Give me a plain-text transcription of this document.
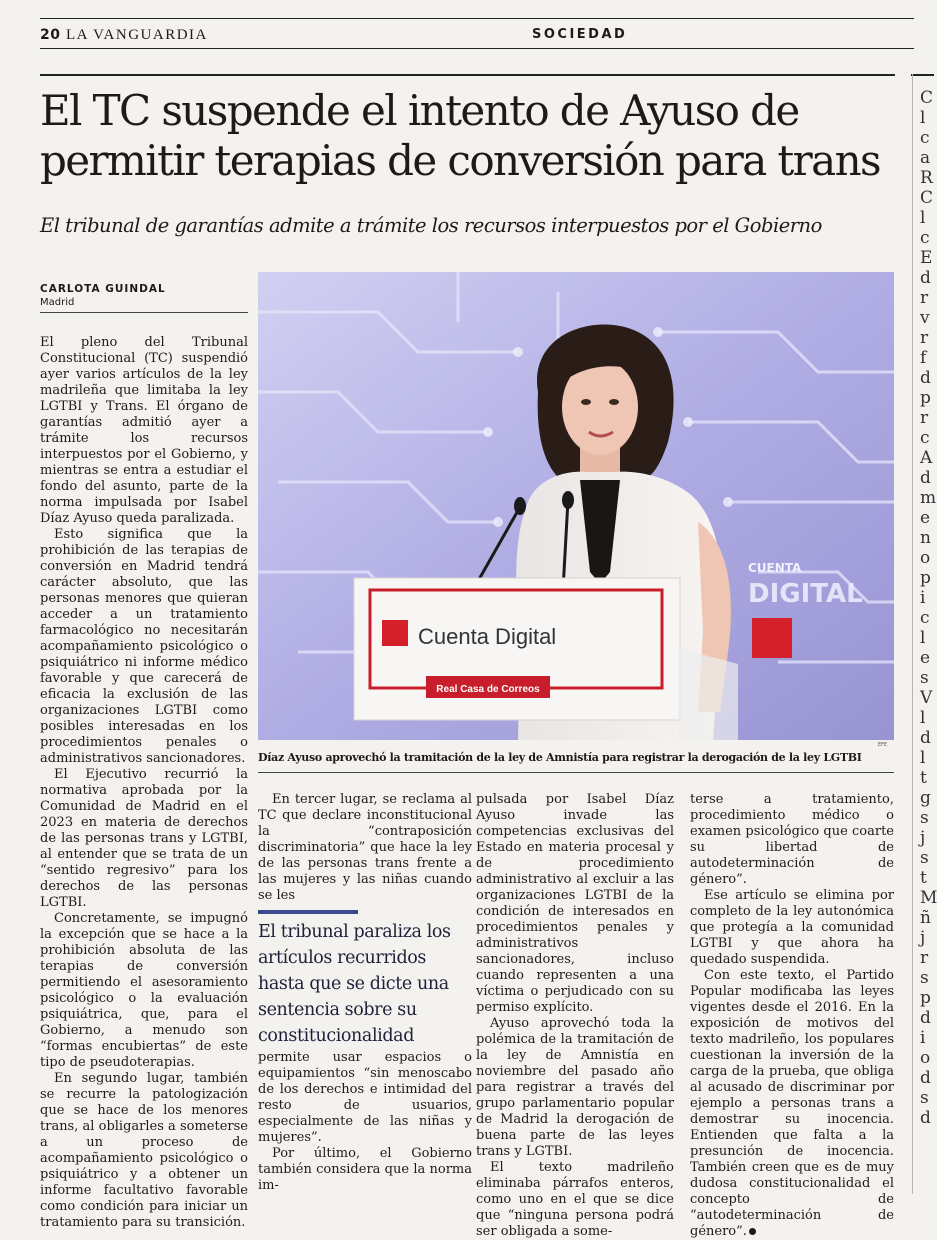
20 LA VANGUARDIA	SOCIEDAD
El TC suspende el intento de Ayuso de
permitir terapias de conversión para trans

El tribunal de garantías admite a trámite los recursos interpuestos por el Gobierno

C l c a R C l c E d r v r f d p r c A d m e n o p i c l e s V l d l t g s j s t M ñ j r s p d i o d s d
CARLOTA GUINDAL
Madrid

El pleno del Tribunal Constitucional (TC) suspendió ayer varios artículos de la ley madrileña que limitaba la ley LGTBI y Trans. El órgano de garantías admitió ayer a trámite los recursos interpuestos por el Gobierno, y mientras se entra a estudiar el fondo del asunto, parte de la norma impulsada por Isabel Díaz Ayuso queda paralizada.

Esto significa que la prohibición de las terapias de conversión en Madrid tendrá carácter absoluto, que las personas menores que quieran acceder a un tratamiento farmacológico no necesitarán acompañamiento psicológico o psiquiátrico ni informe médico favorable y que carecerá de eficacia la exclusión de las organizaciones LGTBI como posibles interesadas en los procedimientos penales o administrativos sancionadores.

El Ejecutivo recurrió la normativa aprobada por la Comunidad de Madrid en el 2023 en materia de derechos de las personas trans y LGTBI, al entender que se trata de un “sentido regresivo” para los derechos de las personas LGTBI.

Concretamente, se impugnó la excepción que se hace a la prohibición absoluta de las terapias de conversión permitiendo el asesoramiento psicológico o la evaluación psiquiátrica, que, para el Gobierno, a menudo son “formas encubiertas” de este tipo de pseudoterapias.

En segundo lugar, también se recurre la patologización que se hace de los menores trans, al obligarles a someterse a un proceso de acompañamiento psicológico o psiquiátrico y a obtener un informe facultativo favorable como condición para iniciar un tratamiento para su transición.

CUENTA
DIGITAL
Cuenta Digital
Real Casa de Correos
EFE
Díaz Ayuso aprovechó la tramitación de la ley de Amnistía para registrar la derogación de la ley LGTBI

En tercer lugar, se reclama al TC que declare inconstitucional la “contraposición discriminatoria” que hace la ley de las personas trans frente a las mujeres y las niñas cuando se les

El tribunal paraliza los artículos recurridos hasta que se dicte una sentencia sobre su constitucionalidad

permite usar espacios o equipamientos “sin menoscabo de los derechos e intimidad del resto de usuarios, especialmente de las niñas y mujeres”.

Por último, el Gobierno también considera que la norma im-

pulsada por Isabel Díaz Ayuso invade las competencias exclusivas del Estado en materia procesal y de procedimiento administrativo al excluir a las organizaciones LGTBI de la condición de interesados en procedimientos penales y administrativos sancionadores, incluso cuando representen a una víctima o perjudicado con su permiso explícito.

Ayuso aprovechó toda la polémica de la tramitación de la ley de Amnistía en noviembre del pasado año para registrar a través del grupo parlamentario popular de Madrid la derogación de buena parte de las leyes trans y LGTBI.

El texto madrileño eliminaba párrafos enteros, como uno en el que se dice que “ninguna persona podrá ser obligada a some-

terse a tratamiento, procedimiento médico o examen psicológico que coarte su libertad de autodeterminación de género”.

Ese artículo se elimina por completo de la ley autonómica que protegía a la comunidad LGTBI y que ahora ha quedado suspendida.

Con este texto, el Partido Popular modificaba las leyes vigentes desde el 2016. En la exposición de motivos del texto madrileño, los populares cuestionan la inversión de la carga de la prueba, que obliga al acusado de discriminar por ejemplo a personas trans a demostrar su inocencia. Entienden que falta a la presunción de inocencia. También creen que es de muy dudosa constitucionalidad el concepto de “autodeterminación de género”.
